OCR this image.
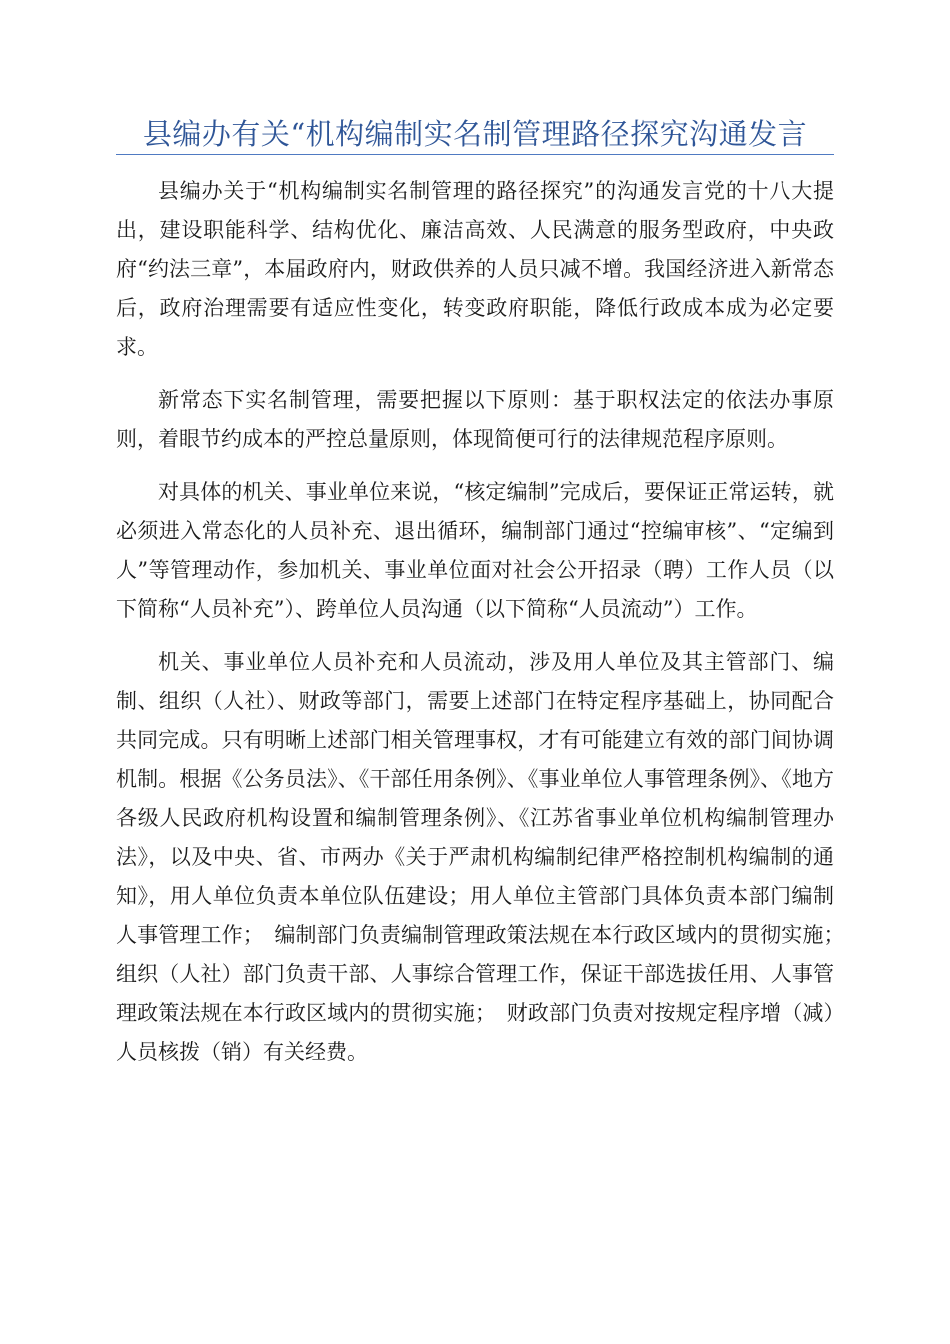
县编办有关“机构编制实名制管理路径探究沟通发言

县编办关于“机构编制实名制管理的路径探究”的沟通发言党的十八大提出，建设职能科学、结构优化、廉洁高效、人民满意的服务型政府，中央政府“约法三章”，本届政府内，财政供养的人员只减不增。我国经济进入新常态后，政府治理需要有适应性变化，转变政府职能，降低行政成本成为必定要求。

新常态下实名制管理，需要把握以下原则：基于职权法定的依法办事原则，着眼节约成本的严控总量原则，体现简便可行的法律规范程序原则。

对具体的机关、事业单位来说，“核定编制”完成后，要保证正常运转，就必须进入常态化的人员补充、退出循环，编制部门通过“控编审核”、“定编到人”等管理动作，参加机关、事业单位面对社会公开招录（聘）工作人员（以下简称“人员补充”）、跨单位人员沟通（以下简称“人员流动”）工作。

机关、事业单位人员补充和人员流动，涉及用人单位及其主管部门、编制、组织（人社）、财政等部门，需要上述部门在特定程序基础上，协同配合共同完成。只有明晰上述部门相关管理事权，才有可能建立有效的部门间协调机制。根据《公务员法》、《干部任用条例》、《事业单位人事管理条例》、《地方各级人民政府机构设置和编制管理条例》、《江苏省事业单位机构编制管理办法》，以及中央、省、市两办《关于严肃机构编制纪律严格控制机构编制的通知》，用人单位负责本单位队伍建设；用人单位主管部门具体负责本部门编制人事管理工作；　编制部门负责编制管理政策法规在本行政区域内的贯彻实施；　组织（人社）部门负责干部、人事综合管理工作，保证干部选拔任用、人事管理政策法规在本行政区域内的贯彻实施；　财政部门负责对按规定程序增（减）人员核拨（销）有关经费。
